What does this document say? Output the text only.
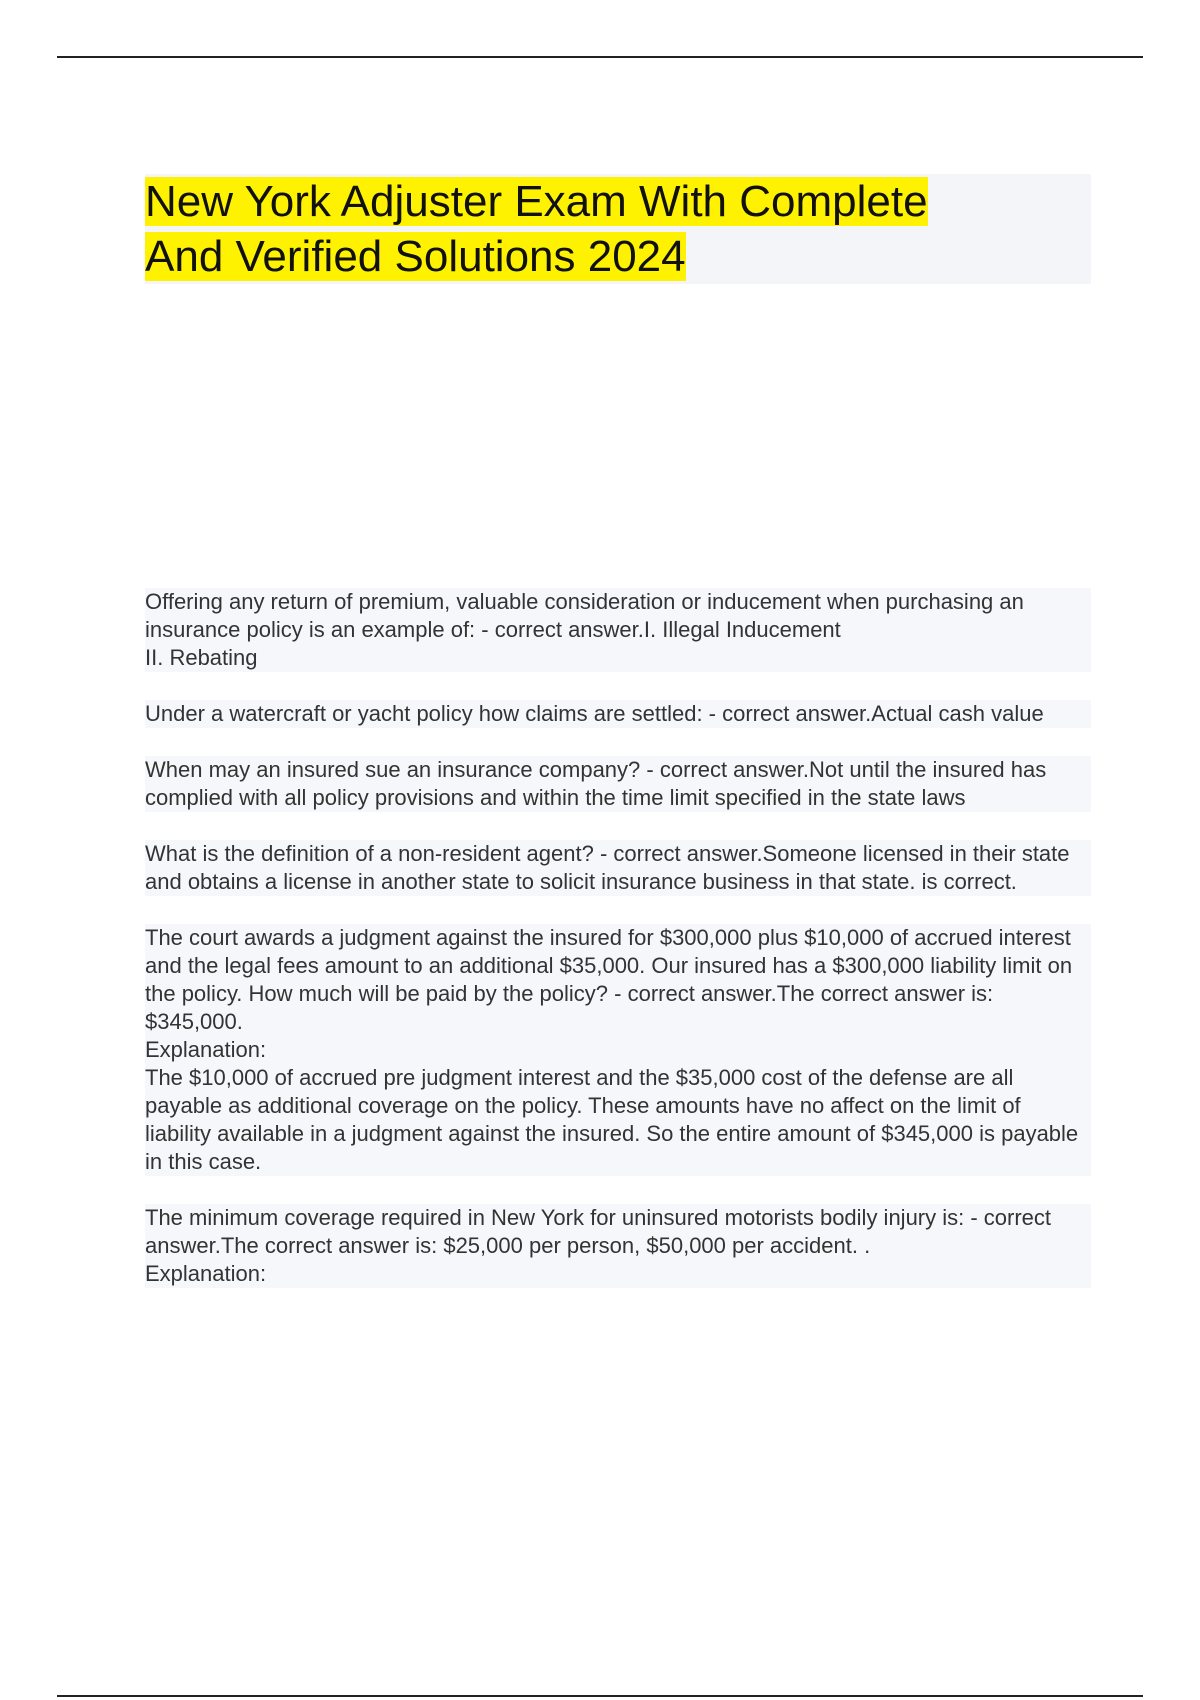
New York Adjuster Exam With Complete
And Verified Solutions 2024

Offering any return of premium, valuable consideration or inducement when purchasing an insurance policy is an example of: - correct answer.I. Illegal Inducement
II. Rebating

Under a watercraft or yacht policy how claims are settled: - correct answer.Actual cash value

When may an insured sue an insurance company? - correct answer.Not until the insured has complied with all policy provisions and within the time limit specified in the state laws

What is the definition of a non-resident agent? - correct answer.Someone licensed in their state and obtains a license in another state to solicit insurance business in that state. is correct.

The court awards a judgment against the insured for $300,000 plus $10,000 of accrued interest and the legal fees amount to an additional $35,000. Our insured has a $300,000 liability limit on the policy. How much will be paid by the policy? - correct answer.The correct answer is: $345,000.
Explanation:
The $10,000 of accrued pre judgment interest and the $35,000 cost of the defense are all payable as additional coverage on the policy. These amounts have no affect on the limit of liability available in a judgment against the insured. So the entire amount of $345,000 is payable in this case.

The minimum coverage required in New York for uninsured motorists bodily injury is: - correct answer.The correct answer is: $25,000 per person, $50,000 per accident. .
Explanation:
